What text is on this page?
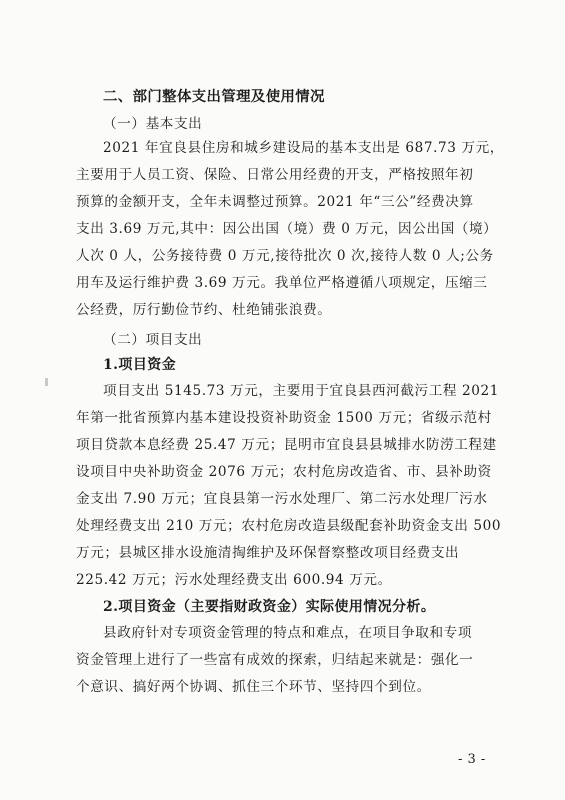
二、部门整体支出管理及使用情况
（一）基本支出
2021 年宜良县住房和城乡建设局的基本支出是 687.73 万元，
主要用于人员工资、保险、日常公用经费的开支，严格按照年初
预算的金额开支，全年未调整过预算。2021 年“三公”经费决算
支出 3.69 万元,其中：因公出国（境）费 0 万元，因公出国（境）
人次 0 人，公务接待费 0 万元,接待批次 0 次,接待人数 0 人;公务
用车及运行维护费 3.69 万元。我单位严格遵循八项规定，压缩三
公经费，厉行勤俭节约、杜绝铺张浪费。
（二）项目支出
1.项目资金
项目支出 5145.73 万元，主要用于宜良县西河截污工程 2021
年第一批省预算内基本建设投资补助资金 1500 万元；省级示范村
项目贷款本息经费 25.47 万元；昆明市宜良县县城排水防涝工程建
设项目中央补助资金 2076 万元；农村危房改造省、市、县补助资
金支出 7.90 万元；宜良县第一污水处理厂、第二污水处理厂污水
处理经费支出 210 万元；农村危房改造县级配套补助资金支出 500
万元；县城区排水设施清掏维护及环保督察整改项目经费支出
225.42 万元；污水处理经费支出 600.94 万元。
2.项目资金（主要指财政资金）实际使用情况分析。
县政府针对专项资金管理的特点和难点，在项目争取和专项
资金管理上进行了一些富有成效的探索，归结起来就是：强化一
个意识、搞好两个协调、抓住三个环节、坚持四个到位。
- 3 -
